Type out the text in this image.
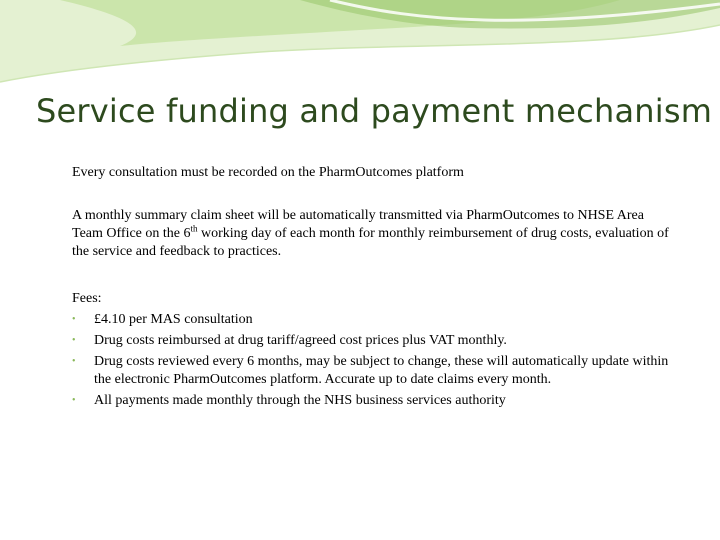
Service funding and payment mechanism

Every consultation must be recorded on the PharmOutcomes platform

A monthly summary claim sheet will be automatically transmitted via PharmOutcomes to NHSE Area Team Office on the 6th working day of each month for monthly reimbursement of drug costs, evaluation of the service and feedback to practices.

Fees:

• £4.10 per MAS consultation
• Drug costs reimbursed at drug tariff/agreed cost prices plus VAT monthly.
• Drug costs reviewed every 6 months, may be subject to change, these will automatically update within the electronic PharmOutcomes platform. Accurate up to date claims every month.
• All payments made monthly through the NHS business services authority
